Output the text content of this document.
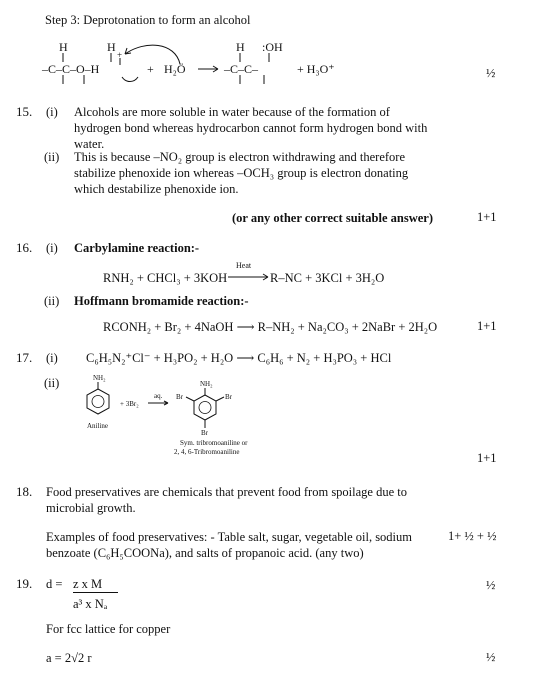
Step 3: Deprotonation to form an alcohol
H	H
+
–C–C–O–H	+ H₂Ö
H :OH
–C–C–	+ H₃O⁺	½
15. (i) Alcohols are more soluble in water because of the formation of hydrogen bond whereas hydrocarbon cannot form hydrogen bond with water.
(ii) This is because –NO₂ group is electron withdrawing and therefore stabilize phenoxide ion whereas –OCH₃ group is electron donating which destabilize phenoxide ion.
(or any other correct suitable answer)	1+1
16. (i) Carbylamine reaction:-
RNH₂ + CHCl₃ + 3KOH
Heat
R–NC + 3KCl + 3H₂O
(ii) Hoffmann bromamide reaction:-
RCONH₂ + Br₂ + 4NaOH ⟶ R–NH₂ + Na₂CO₃ + 2NaBr + 2H₂O	1+1
17. (i) C₆H₅N₂⁺Cl⁻ + H₃PO₂ + H₂O ⟶ C₆H₆ + N₂ + H₃PO₃ + HCl
(ii)	NH₂
Aniline
+ 3Br₂
aq.
NH₂
Br	Br
Br
Sym. tribromoaniline or
2, 4, 6-Tribromoaniline	1+1
18. Food preservatives are chemicals that prevent food from spoilage due to microbial growth.
Examples of food preservatives: - Table salt, sugar, vegetable oil, sodium benzoate (C₆H₅COONa), and salts of propanoic acid. (any two)
1+ ½ + ½
19. d = z x M
a³ x Nₐ
½
For fcc lattice for copper
a = 2√2 r	½
